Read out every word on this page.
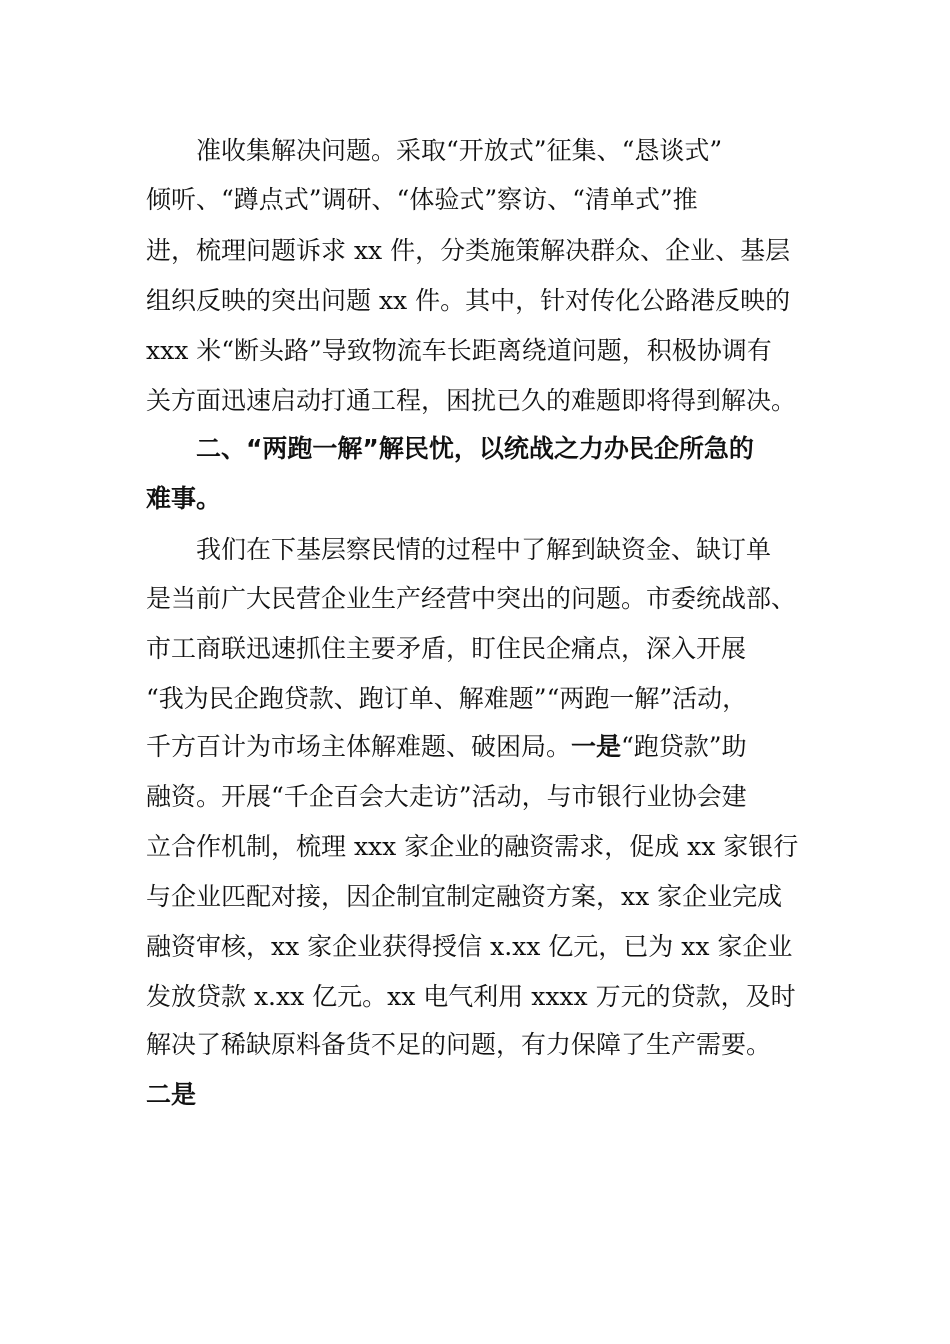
准收集解决问题。采取“开放式”征集、“恳谈式”
倾听、“蹲点式”调研、“体验式”察访、“清单式”推
进，梳理问题诉求 xx 件，分类施策解决群众、企业、基层
组织反映的突出问题 xx 件。其中，针对传化公路港反映的
xxx 米“断头路”导致物流车长距离绕道问题，积极协调有
关方面迅速启动打通工程，困扰已久的难题即将得到解决。
二、“两跑一解”解民忧，以统战之力办民企所急的
难事。
我们在下基层察民情的过程中了解到缺资金、缺订单
是当前广大民营企业生产经营中突出的问题。市委统战部、
市工商联迅速抓住主要矛盾，盯住民企痛点，深入开展
“我为民企跑贷款、跑订单、解难题”“两跑一解”活动，
千方百计为市场主体解难题、破困局。一是“跑贷款”助
融资。开展“千企百会大走访”活动，与市银行业协会建
立合作机制，梳理 xxx 家企业的融资需求，促成 xx 家银行
与企业匹配对接，因企制宜制定融资方案，xx 家企业完成
融资审核，xx 家企业获得授信 x.xx 亿元，已为 xx 家企业
发放贷款 x.xx 亿元。xx 电气利用 xxxx 万元的贷款，及时
解决了稀缺原料备货不足的问题，有力保障了生产需要。
二是
